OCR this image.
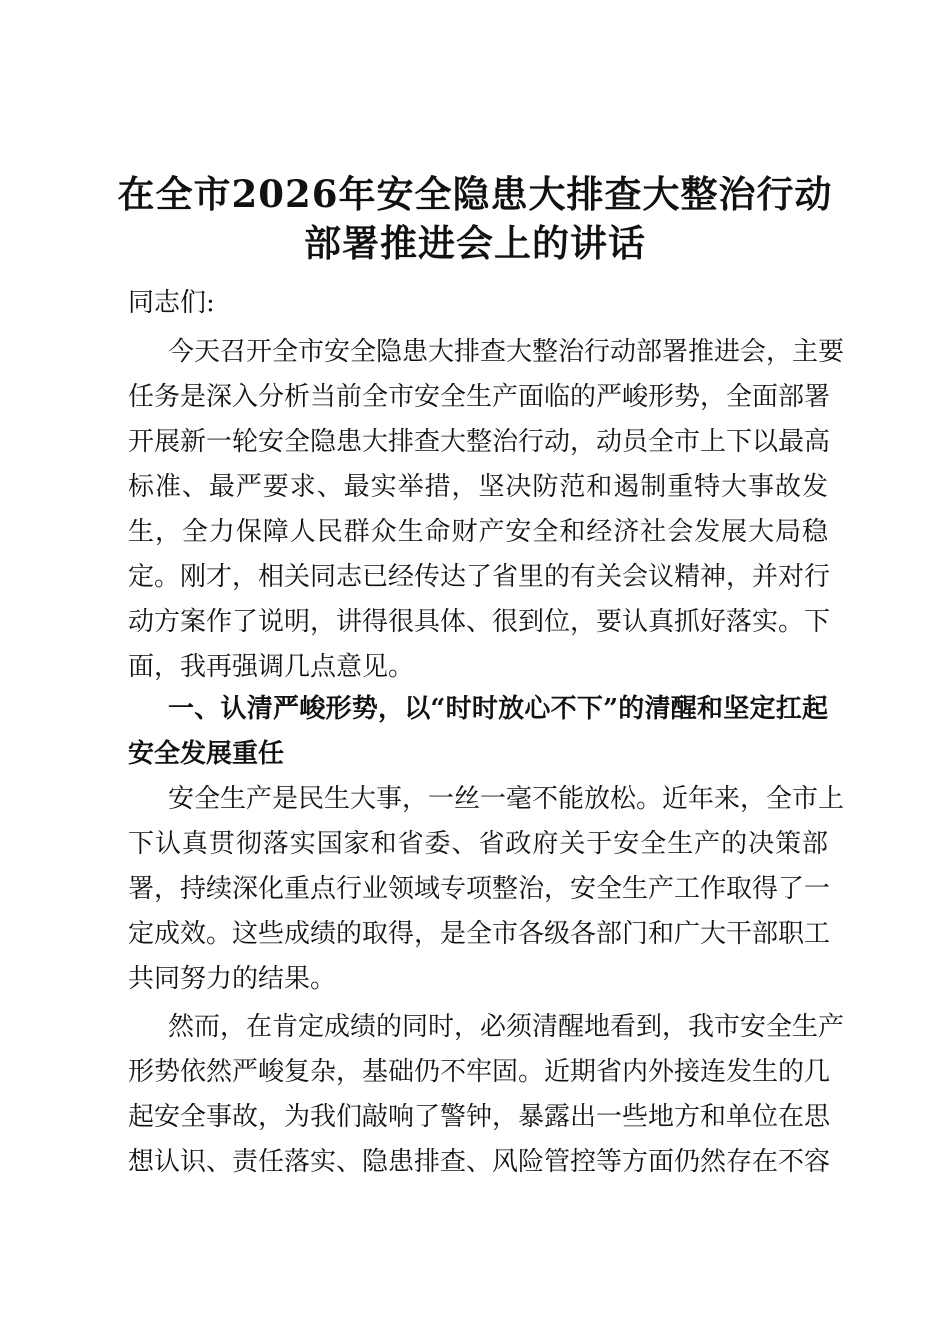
在全市2026年安全隐患大排查大整治行动
部署推进会上的讲话
同志们:
今天召开全市安全隐患大排查大整治行动部署推进会，主要
任务是深入分析当前全市安全生产面临的严峻形势，全面部署
开展新一轮安全隐患大排查大整治行动，动员全市上下以最高
标准、最严要求、最实举措，坚决防范和遏制重特大事故发
生，全力保障人民群众生命财产安全和经济社会发展大局稳
定。刚才，相关同志已经传达了省里的有关会议精神，并对行
动方案作了说明，讲得很具体、很到位，要认真抓好落实。下
面，我再强调几点意见。
一、认清严峻形势，以“时时放心不下”的清醒和坚定扛起
安全发展重任
安全生产是民生大事，一丝一毫不能放松。近年来，全市上
下认真贯彻落实国家和省委、省政府关于安全生产的决策部
署，持续深化重点行业领域专项整治，安全生产工作取得了一
定成效。这些成绩的取得，是全市各级各部门和广大干部职工
共同努力的结果。
然而，在肯定成绩的同时，必须清醒地看到，我市安全生产
形势依然严峻复杂，基础仍不牢固。近期省内外接连发生的几
起安全事故，为我们敲响了警钟，暴露出一些地方和单位在思
想认识、责任落实、隐患排查、风险管控等方面仍然存在不容
